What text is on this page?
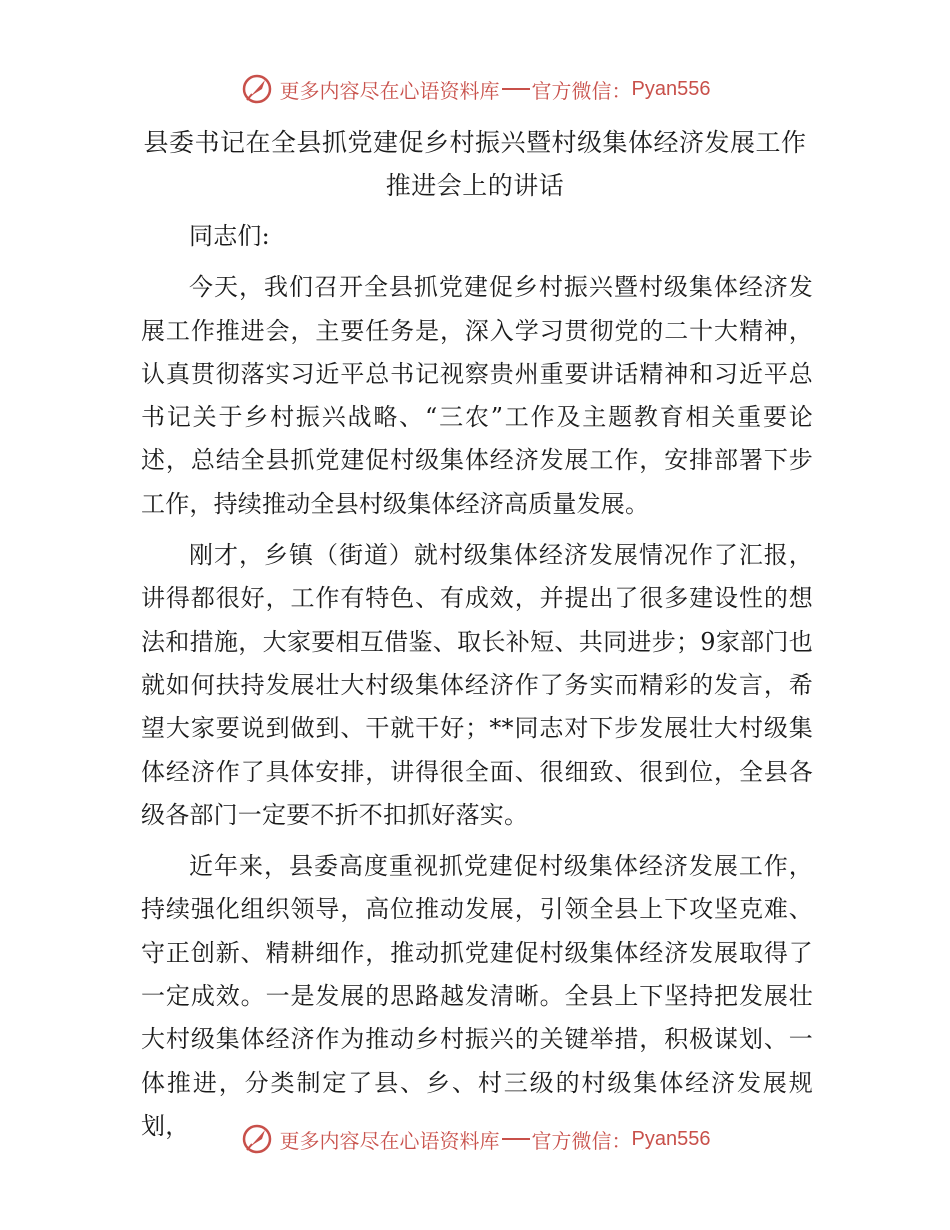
更多内容尽在心语资料库 官方微信： Pyan556
县委书记在全县抓党建促乡村振兴暨村级集体经济发展工作推进会上的讲话

同志们:

今天，我们召开全县抓党建促乡村振兴暨村级集体经济发展工作推进会，主要任务是，深入学习贯彻党的二十大精神，认真贯彻落实习近平总书记视察贵州重要讲话精神和习近平总书记关于乡村振兴战略、“三农”工作及主题教育相关重要论述，总结全县抓党建促村级集体经济发展工作，安排部署下步工作，持续推动全县村级集体经济高质量发展。

刚才，乡镇（街道）就村级集体经济发展情况作了汇报，讲得都很好，工作有特色、有成效，并提出了很多建设性的想法和措施，大家要相互借鉴、取长补短、共同进步；9家部门也就如何扶持发展壮大村级集体经济作了务实而精彩的发言，希望大家要说到做到、干就干好；**同志对下步发展壮大村级集体经济作了具体安排，讲得很全面、很细致、很到位，全县各级各部门一定要不折不扣抓好落实。

近年来，县委高度重视抓党建促村级集体经济发展工作，持续强化组织领导，高位推动发展，引领全县上下攻坚克难、守正创新、精耕细作，推动抓党建促村级集体经济发展取得了一定成效。一是发展的思路越发清晰。全县上下坚持把发展壮大村级集体经济作为推动乡村振兴的关键举措，积极谋划、一体推进，分类制定了县、乡、村三级的村级集体经济发展规划，

更多内容尽在心语资料库 官方微信： Pyan556
